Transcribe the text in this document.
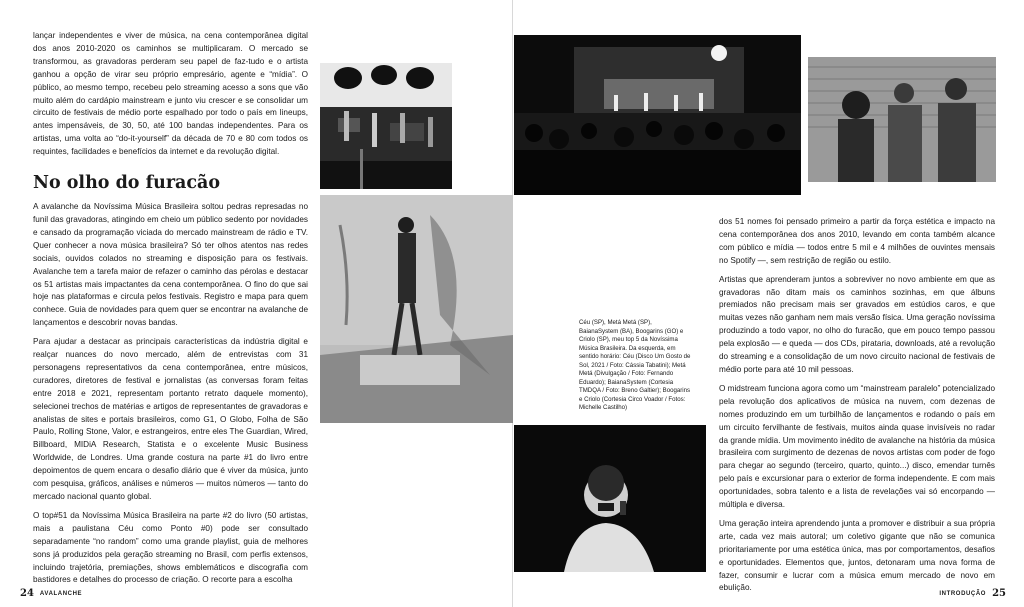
lançar independentes e viver de música, na cena contemporânea digital dos anos 2010-2020 os caminhos se multiplicaram. O mercado se transformou, as gravadoras perderam seu papel de faz-tudo e o artista ganhou a opção de virar seu próprio empresário, agente e “mídia”. O público, ao mesmo tempo, recebeu pelo streaming acesso a sons que vão muito além do cardápio mainstream e junto viu crescer e se consolidar um circuito de festivais de médio porte espalhado por todo o país em lineups, antes impensáveis, de 30, 50, até 100 bandas independentes. Para os artistas, uma volta ao “do-it-yourself” da década de 70 e 80 com todos os requintes, facilidades e benefícios da internet e da revolução digital.

No olho do furacão

A avalanche da Novíssima Música Brasileira soltou pedras represadas no funil das gravadoras, atingindo em cheio um público sedento por novidades e cansado da programação viciada do mercado mainstream de rádio e TV. Quer conhecer a nova música brasileira? Só ter olhos atentos nas redes sociais, ouvidos colados no streaming e disposição para os festivais. Avalanche tem a tarefa maior de refazer o caminho das pérolas e destacar os 51 artistas mais impactantes da cena contemporânea. O fino do que sai hoje nas plataformas e circula pelos festivais. Registro e mapa para quem conhece. Guia de novidades para quem quer se encontrar na avalanche de lançamentos e descobrir novas bandas.

Para ajudar a destacar as principais características da indústria digital e realçar nuances do novo mercado, além de entrevistas com 31 personagens representativos da cena contemporânea, entre músicos, curadores, diretores de festival e jornalistas (as conversas foram feitas entre 2018 e 2021, representam portanto retrato daquele momento), selecionei trechos de matérias e artigos de representantes de gravadoras e analistas de sites e portais brasileiros, como G1, O Globo, Folha de São Paulo, Rolling Stone, Valor, e estrangeiros, entre eles The Guardian, Wired, Billboard, MIDiA Research, Statista e o excelente Music Business Worldwide, de Londres. Uma grande costura na parte #1 do livro entre depoimentos de quem encara o desafio diário que é viver da música, junto com pesquisa, gráficos, análises e números — muitos números — tanto do mercado nacional quanto global.

O top#51 da Novíssima Música Brasileira na parte #2 do livro (50 artistas, mais a paulistana Céu como Ponto #0) pode ser consultado separadamente “no random” como uma grande playlist, guia de melhores sons já produzidos pela geração streaming no Brasil, com perfis extensos, incluindo trajetória, premiações, shows emblemáticos e discografia com bastidores e detalhes do processo de criação. O recorte para a escolha

Céu (SP), Metá Metá (SP), BaianaSystem (BA), Boogarins (GO) e Criolo (SP), meu top 5 da Novíssima Música Brasileira. Da esquerda, em sentido horário: Céu (Disco Um Gosto de Sol, 2021 / Foto: Cássia Tabatini); Metá Metá (Divulgação / Foto: Fernando Eduardo); BaianaSystem (Cortesia TMDQA / Foto: Breno Galtier); Boogarins e Criolo (Cortesia Circo Voador / Fotos: Michelle Castilho)

dos 51 nomes foi pensado primeiro a partir da força estética e impacto na cena contemporânea dos anos 2010, levando em conta também alcance com público e mídia — todos entre 5 mil e 4 milhões de ouvintes mensais no Spotify —, sem restrição de região ou estilo.

Artistas que aprenderam juntos a sobreviver no novo ambiente em que as gravadoras não ditam mais os caminhos sozinhas, em que álbuns premiados não precisam mais ser gravados em estúdios caros, e que muitas vezes não ganham nem mais versão física. Uma geração novíssima produzindo a todo vapor, no olho do furacão, que em pouco tempo passou pela explosão — e queda — dos CDs, pirataria, downloads, até a revolução do streaming e a consolidação de um novo circuito nacional de festivais de médio porte para até 10 mil pessoas.

O midstream funciona agora como um “mainstream paralelo” potencializado pela revolução dos aplicativos de música na nuvem, com dezenas de nomes produzindo em um turbilhão de lançamentos e rodando o país em um circuito fervilhante de festivais, muitos ainda quase invisíveis no radar da grande mídia. Um movimento inédito de avalanche na história da música brasileira com surgimento de dezenas de novos artistas com poder de fogo para chegar ao segundo (terceiro, quarto, quinto...) disco, emendar turnês pelo país e excursionar para o exterior de forma independente. E com mais oportunidades, sobra talento e a lista de revelações vai só encorpando — múltipla e diversa.

Uma geração inteira aprendendo junta a promover e distribuir a sua própria arte, cada vez mais autoral; um coletivo gigante que não se comunica prioritariamente por uma estética única, mas por comportamentos, desafios e oportunidades. Elementos que, juntos, detonaram uma nova forma de fazer, consumir e lucrar com a música emum mercado de novo em ebulição.

24 AVALANCHE	INTRODUÇÃO 25
